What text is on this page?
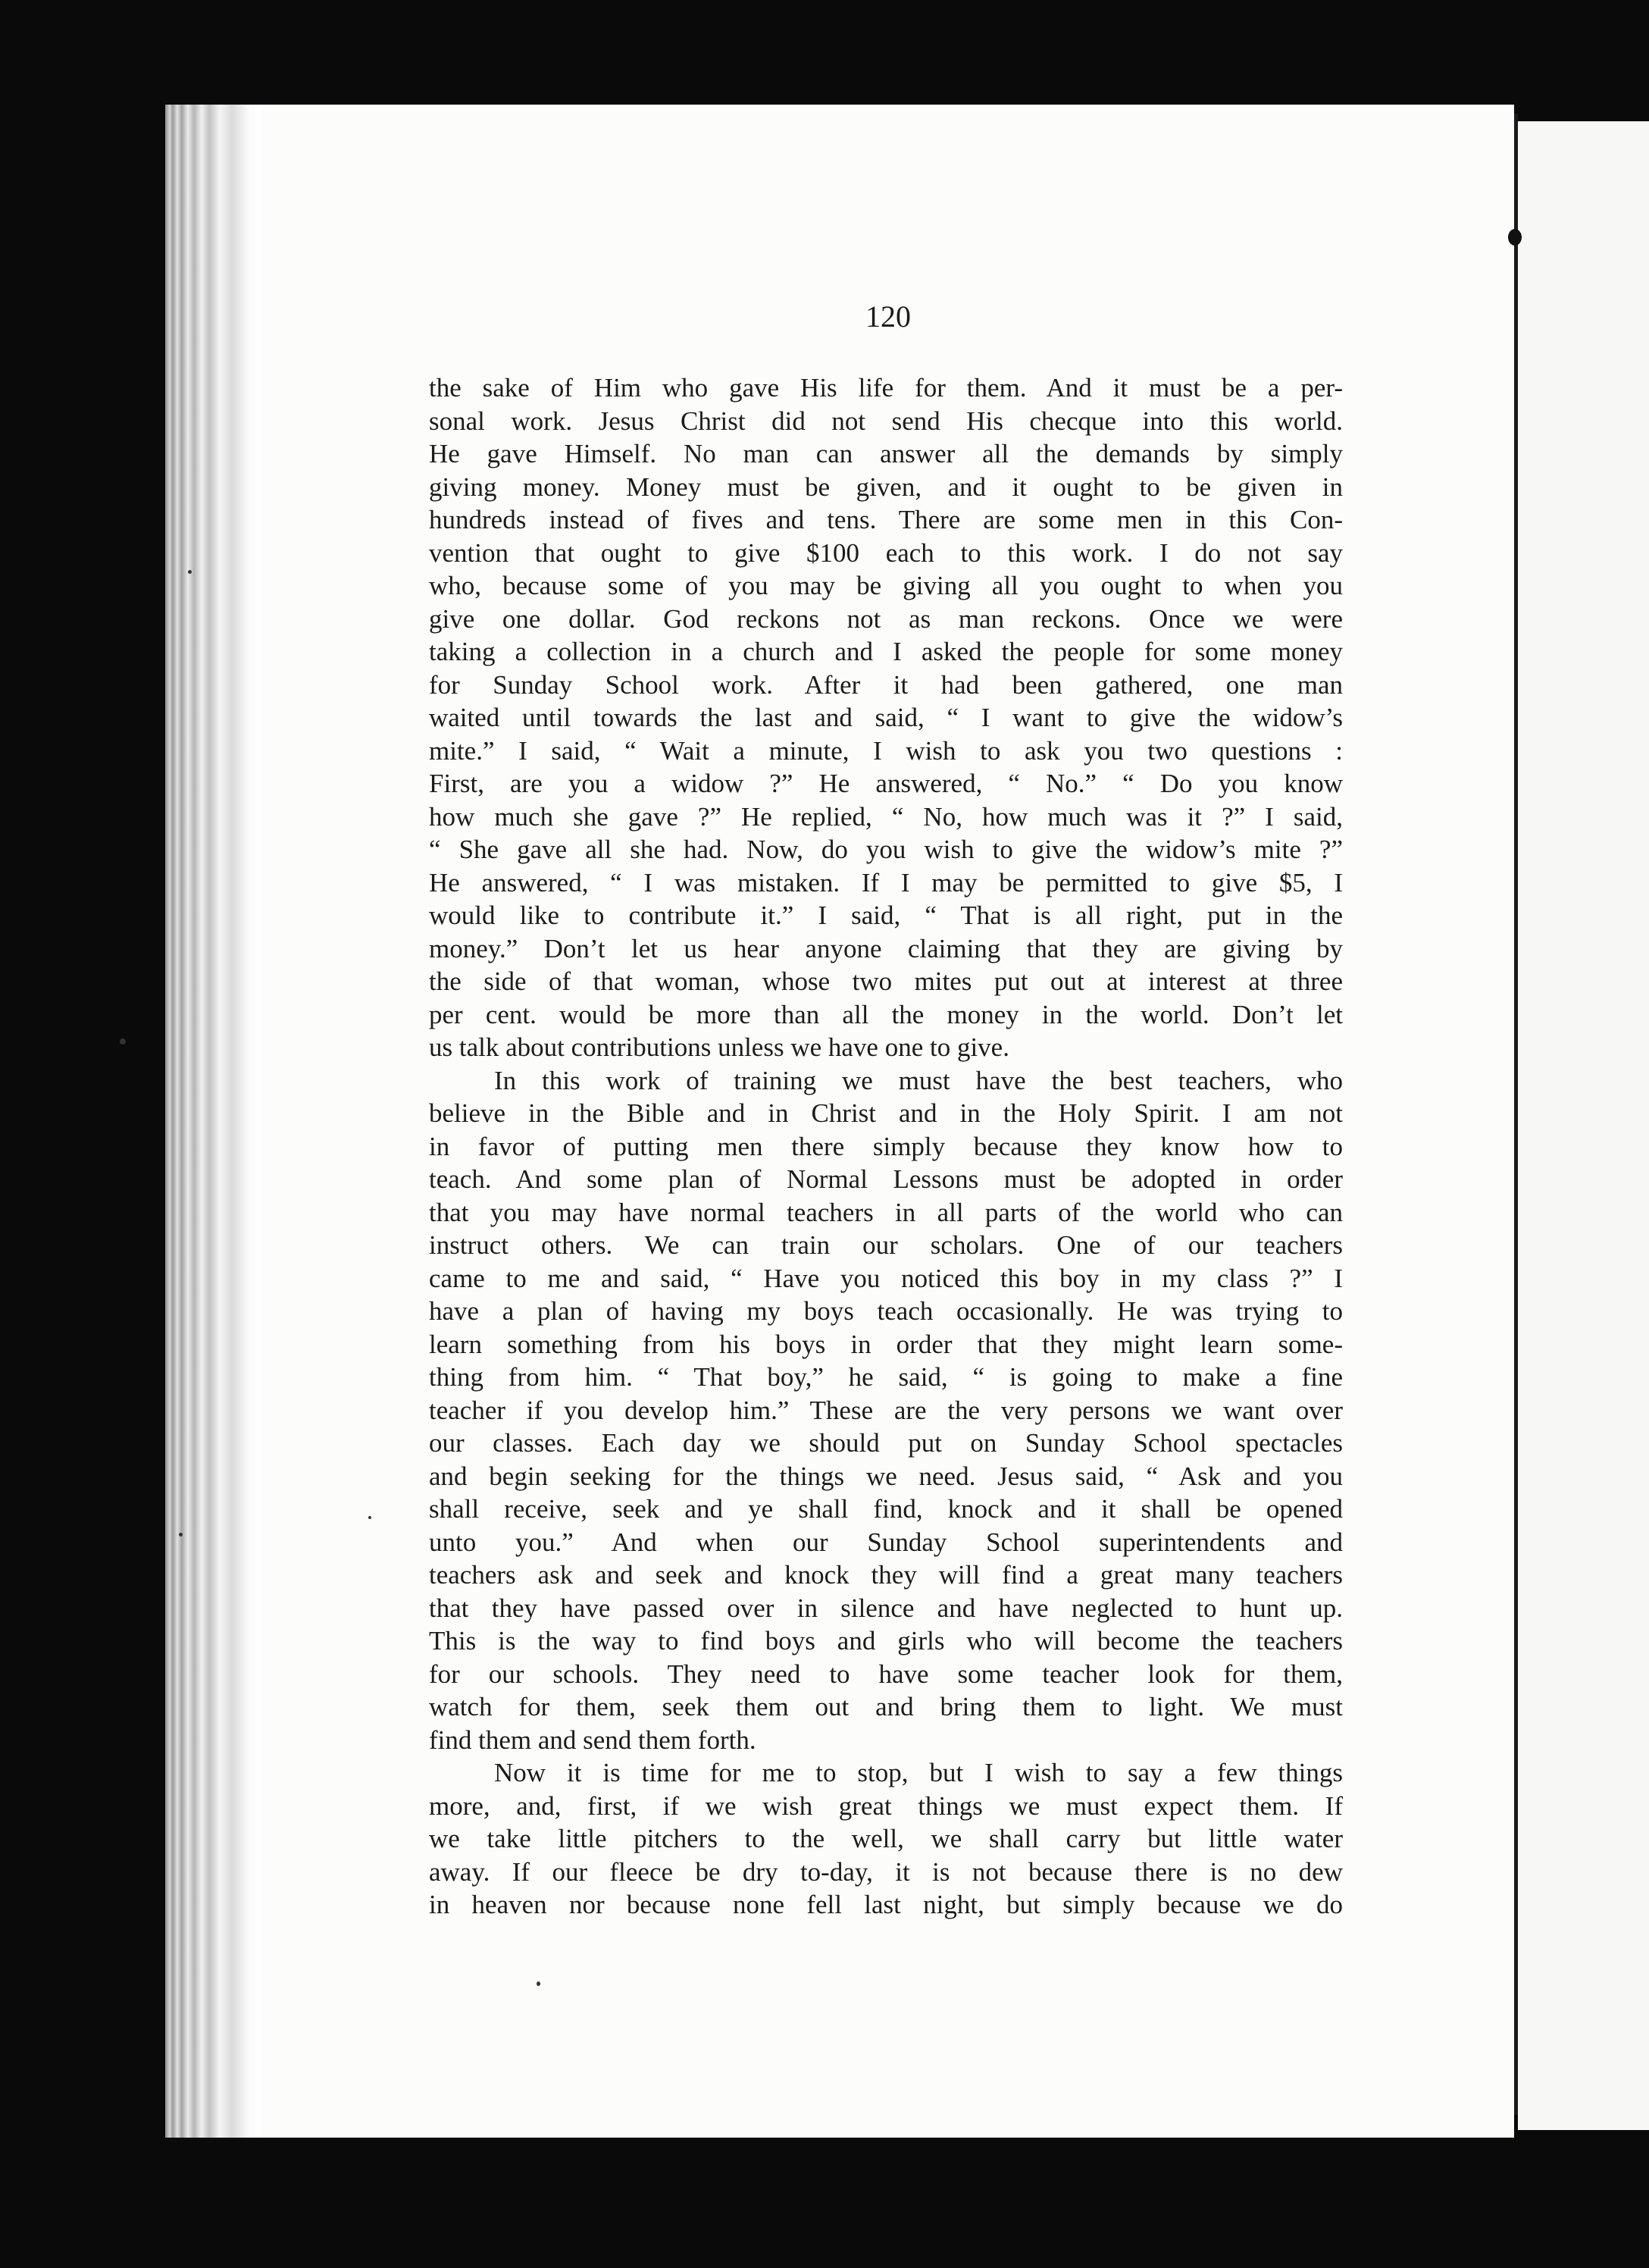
120
the sake of Him who gave His life for them. And it must be a per-
sonal work. Jesus Christ did not send His checque into this world.
He gave Himself. No man can answer all the demands by simply
giving money. Money must be given, and it ought to be given in
hundreds instead of fives and tens. There are some men in this Con-
vention that ought to give $100 each to this work. I do not say
who, because some of you may be giving all you ought to when you
give one dollar. God reckons not as man reckons. Once we were
taking a collection in a church and I asked the people for some money
for Sunday School work. After it had been gathered, one man
waited until towards the last and said, “ I want to give the widow’s
mite.” I said, “ Wait a minute, I wish to ask you two questions :
First, are you a widow ?” He answered, “ No.” “ Do you know
how much she gave ?” He replied, “ No, how much was it ?” I said,
“ She gave all she had. Now, do you wish to give the widow’s mite ?”
He answered, “ I was mistaken. If I may be permitted to give $5, I
would like to contribute it.” I said, “ That is all right, put in the
money.” Don’t let us hear anyone claiming that they are giving by
the side of that woman, whose two mites put out at interest at three
per cent. would be more than all the money in the world. Don’t let
us talk about contributions unless we have one to give.
In this work of training we must have the best teachers, who
believe in the Bible and in Christ and in the Holy Spirit. I am not
in favor of putting men there simply because they know how to
teach. And some plan of Normal Lessons must be adopted in order
that you may have normal teachers in all parts of the world who can
instruct others. We can train our scholars. One of our teachers
came to me and said, “ Have you noticed this boy in my class ?” I
have a plan of having my boys teach occasionally. He was trying to
learn something from his boys in order that they might learn some-
thing from him. “ That boy,” he said, “ is going to make a fine
teacher if you develop him.” These are the very persons we want over
our classes. Each day we should put on Sunday School spectacles
and begin seeking for the things we need. Jesus said, “ Ask and you
shall receive, seek and ye shall find, knock and it shall be opened
unto you.” And when our Sunday School superintendents and
teachers ask and seek and knock they will find a great many teachers
that they have passed over in silence and have neglected to hunt up.
This is the way to find boys and girls who will become the teachers
for our schools. They need to have some teacher look for them,
watch for them, seek them out and bring them to light. We must
find them and send them forth.
Now it is time for me to stop, but I wish to say a few things
more, and, first, if we wish great things we must expect them. If
we take little pitchers to the well, we shall carry but little water
away. If our fleece be dry to-day, it is not because there is no dew
in heaven nor because none fell last night, but simply because we do
